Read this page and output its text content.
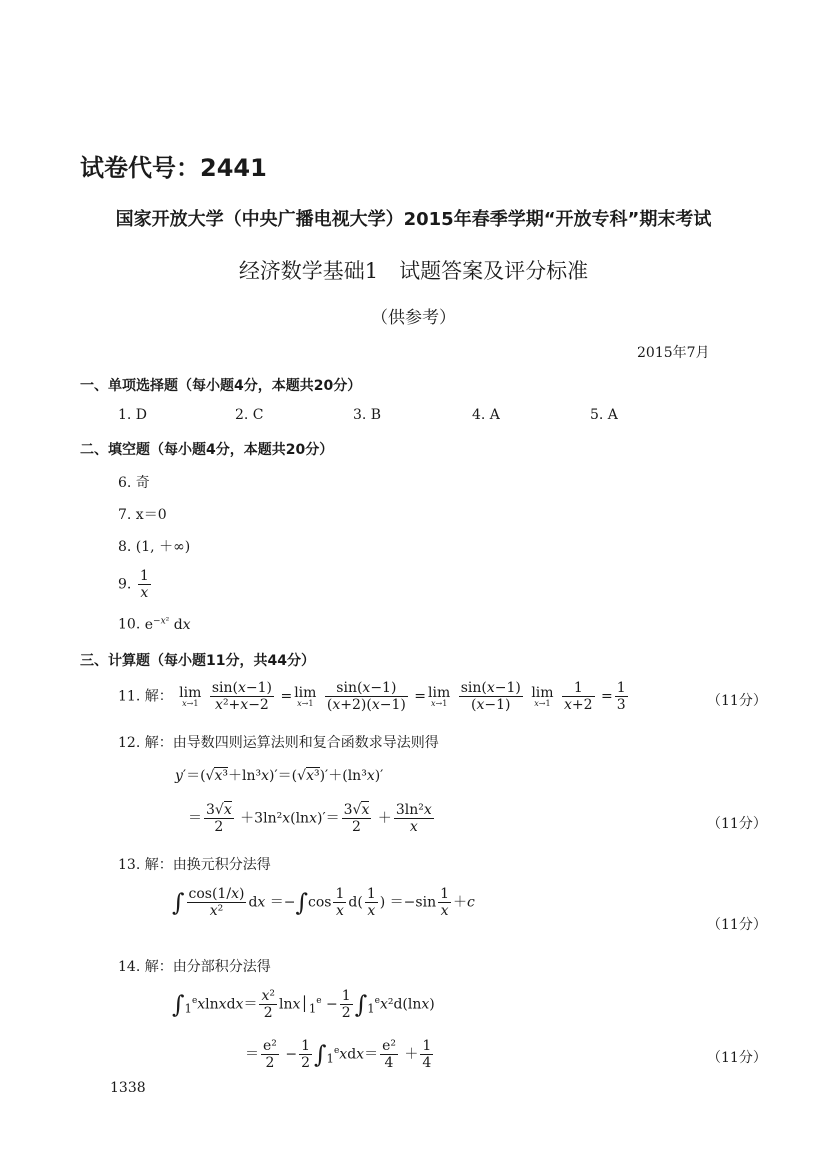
试卷代号：2441
国家开放大学（中央广播电视大学）2015年春季学期“开放专科”期末考试
经济数学基础1　试题答案及评分标准
（供参考）
2015年7月
一、单项选择题（每小题4分，本题共20分）
1. D	2. C	3. B	4. A	5. A
二、填空题（每小题4分，本题共20分）
6. 奇
7. x＝0
8. (1, ＋∞)
9. $\frac{1}{x}$
10. $e^{-x^2}$ dx
三、计算题（每小题11分，共44分）
11. 解： lim
x→1
$\frac{\sin(x-1)}{\text{x²+x−2}} = \lim$
x→1
$\frac{\sin(x-1)}{(x+2)(x-1)} = \lim$
x→1
$\frac{\sin(x-1)}{(x-1)}$ lim
x→1
$\frac{1}{x+2} = \frac{1}{3}$	（11分）
12. 解：由导数四则运算法则和复合函数求导法则得
y′＝(√x³＋ln³x)′＝(√x³)′＋(ln³x)′
＝ $\frac{3√x}{2} +3\ln^2x(\ln x)'= \frac{3√x}{2} + \frac{\text{3ln²x}}{x}$	（11分）
13. 解：由换元积分法得
∫ $\frac{\cos(1/x)}{\text{x²}}$ dx $=-\int\cos \frac{1}{x} d( \frac{1}{x}$ ) $=-\sin \frac{1}{x} +c$
（11分）
14. 解：由分部积分法得
$\int_1^exlnxdx= \frac{\text{x²}}{2}$ $\ln x│_1^e - \frac{1}{2} \int_1^ex^2d(\ln x)$
＝ $\frac{\text{e²}}{2} - \frac{1}{2} \int_1^exdx= \frac{\text{e²}}{4} + \frac{1}{4}$	（11分）
1338
